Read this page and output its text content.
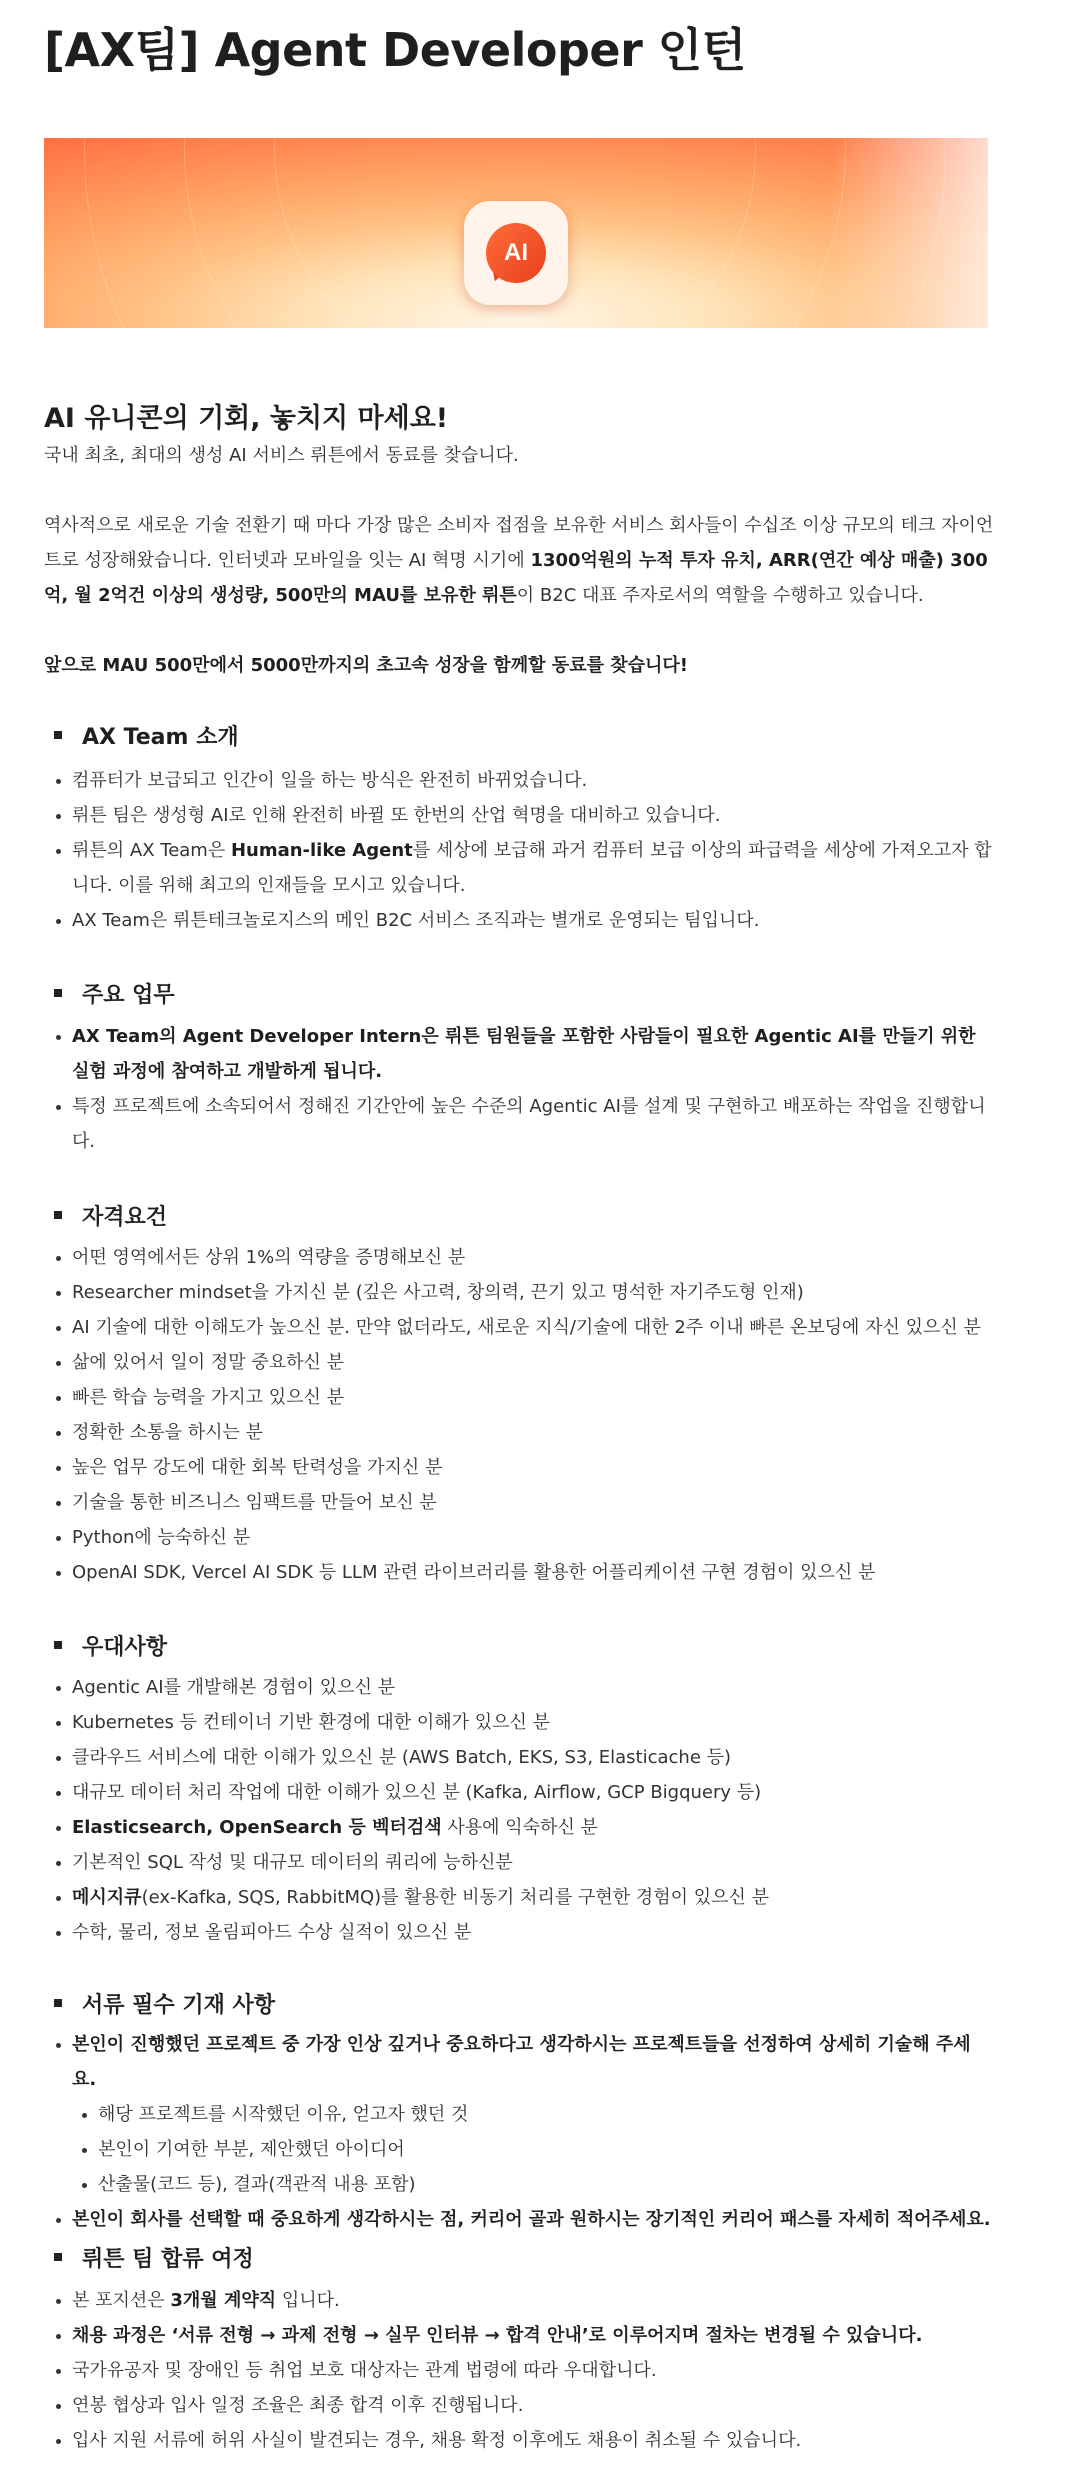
[AX팀] Agent Developer 인턴
AI
AI 유니콘의 기회, 놓치지 마세요!
국내 최초, 최대의 생성 AI 서비스 뤼튼에서 동료를 찾습니다.
역사적으로 새로운 기술 전환기 때 마다 가장 많은 소비자 접점을 보유한 서비스 회사들이 수십조 이상 규모의 테크 자이언트로 성장해왔습니다. 인터넷과 모바일을 잇는 AI 혁명 시기에 1300억원의 누적 투자 유치, ARR(연간 예상 매출) 300억, 월 2억건 이상의 생성량, 500만의 MAU를 보유한 뤼튼이 B2C 대표 주자로서의 역할을 수행하고 있습니다.
앞으로 MAU 500만에서 5000만까지의 초고속 성장을 함께할 동료를 찾습니다!
AX Team 소개
컴퓨터가 보급되고 인간이 일을 하는 방식은 완전히 바뀌었습니다.
뤼튼 팀은 생성형 AI로 인해 완전히 바뀔 또 한번의 산업 혁명을 대비하고 있습니다.
뤼튼의 AX Team은 Human-like Agent를 세상에 보급해 과거 컴퓨터 보급 이상의 파급력을 세상에 가져오고자 합니다. 이를 위해 최고의 인재들을 모시고 있습니다.
AX Team은 뤼튼테크놀로지스의 메인 B2C 서비스 조직과는 별개로 운영되는 팀입니다.
주요 업무
AX Team의 Agent Developer Intern은 뤼튼 팀원들을 포함한 사람들이 필요한 Agentic AI를 만들기 위한 실험 과정에 참여하고 개발하게 됩니다.
특정 프로젝트에 소속되어서 정해진 기간안에 높은 수준의 Agentic AI를 설계 및 구현하고 배포하는 작업을 진행합니다.
자격요건
어떤 영역에서든 상위 1%의 역량을 증명해보신 분
Researcher mindset을 가지신 분 (깊은 사고력, 창의력, 끈기 있고 명석한 자기주도형 인재)
AI 기술에 대한 이해도가 높으신 분. 만약 없더라도, 새로운 지식/기술에 대한 2주 이내 빠른 온보딩에 자신 있으신 분
삶에 있어서 일이 정말 중요하신 분
빠른 학습 능력을 가지고 있으신 분
정확한 소통을 하시는 분
높은 업무 강도에 대한 회복 탄력성을 가지신 분
기술을 통한 비즈니스 임팩트를 만들어 보신 분
Python에 능숙하신 분
OpenAI SDK, Vercel AI SDK 등 LLM 관련 라이브러리를 활용한 어플리케이션 구현 경험이 있으신 분
우대사항
Agentic AI를 개발해본 경험이 있으신 분
Kubernetes 등 컨테이너 기반 환경에 대한 이해가 있으신 분
클라우드 서비스에 대한 이해가 있으신 분 (AWS Batch, EKS, S3, Elasticache 등)
대규모 데이터 처리 작업에 대한 이해가 있으신 분 (Kafka, Airflow, GCP Bigquery 등)
Elasticsearch, OpenSearch 등 벡터검색 사용에 익숙하신 분
기본적인 SQL 작성 및 대규모 데이터의 쿼리에 능하신분
메시지큐(ex-Kafka, SQS, RabbitMQ)를 활용한 비동기 처리를 구현한 경험이 있으신 분
수학, 물리, 정보 올림피아드 수상 실적이 있으신 분
서류 필수 기재 사항
본인이 진행했던 프로젝트 중 가장 인상 깊거나 중요하다고 생각하시는 프로젝트들을 선정하여 상세히 기술해 주세요.
해당 프로젝트를 시작했던 이유, 얻고자 했던 것
본인이 기여한 부분, 제안했던 아이디어
산출물(코드 등), 결과(객관적 내용 포함)
본인이 회사를 선택할 때 중요하게 생각하시는 점, 커리어 골과 원하시는 장기적인 커리어 패스를 자세히 적어주세요.
뤼튼 팀 합류 여정
본 포지션은 3개월 계약직 입니다.
채용 과정은 ‘서류 전형 → 과제 전형 → 실무 인터뷰 → 합격 안내’로 이루어지며 절차는 변경될 수 있습니다.
국가유공자 및 장애인 등 취업 보호 대상자는 관계 법령에 따라 우대합니다.
연봉 협상과 입사 일정 조율은 최종 합격 이후 진행됩니다.
입사 지원 서류에 허위 사실이 발견되는 경우, 채용 확정 이후에도 채용이 취소될 수 있습니다.
